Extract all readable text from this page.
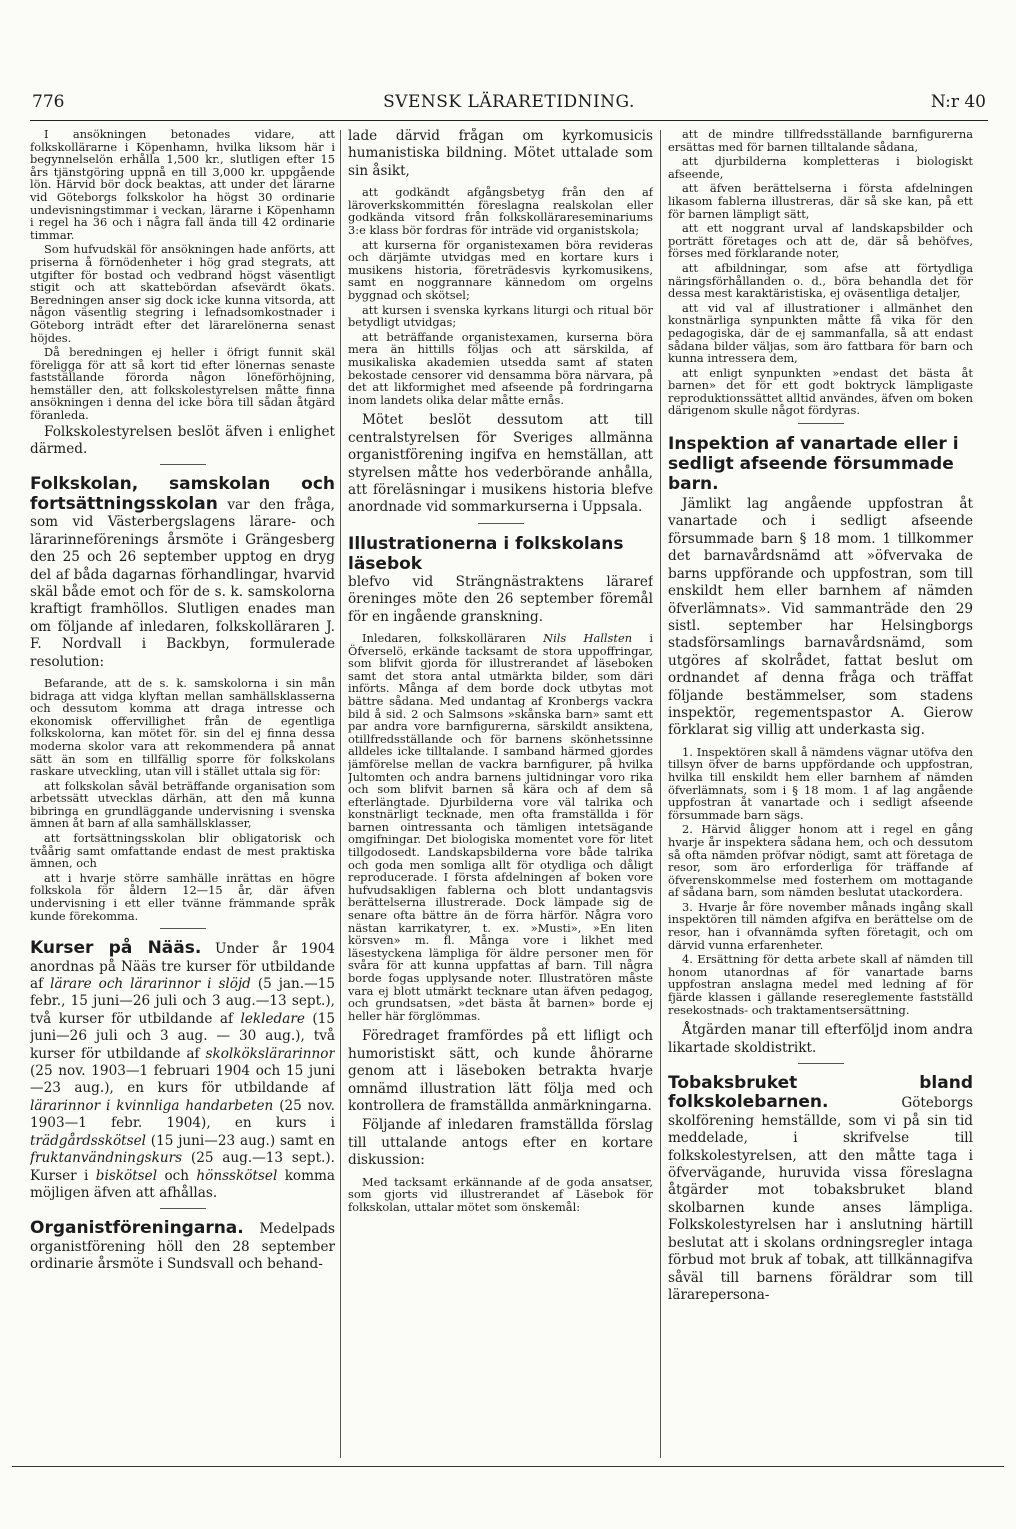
776	SVENSK LÄRARETIDNING.	N:r 40

I ansökningen betonades vidare, att folkskollärarne i Köpenhamn, hvilka liksom här i begynnelselön erhålla 1,500 kr., slutligen efter 15 års tjänstgöring uppnå en till 3,000 kr. uppgående lön. Härvid bör dock beaktas, att under det lärarne vid Göteborgs folkskolor ha högst 30 ordinarie undevisningstimmar i veckan, lärarne i Köpenhamn i regel ha 36 och i några fall ända till 42 ordinarie timmar.

Som hufvudskäl för ansökningen hade anförts, att priserna å förnödenheter i hög grad stegrats, att utgifter för bostad och vedbrand högst väsentligt stigit och att skattebördan afsevärdt ökats. Beredningen anser sig dock icke kunna vitsorda, att någon väsentlig stegring i lefnadsomkostnader i Göteborg inträdt efter det lärarelönerna senast höjdes.

Då beredningen ej heller i öfrigt funnit skäl föreligga för att så kort tid efter lönernas senaste fastställande förorda någon löneförhöjning, hemställer den, att folkskolestyrelsen måtte finna ansökningen i denna del icke böra till sådan åtgärd föranleda.

Folkskolestyrelsen beslöt äfven i enlighet därmed.

Folkskolan, samskolan och fortsättningsskolan var den fråga, som vid Västerbergslagens lärare- och lärarinneförenings årsmöte i Grängesberg den 25 och 26 september upptog en dryg del af båda dagarnas förhandlingar, hvarvid skäl både emot och för de s. k. samskolorna kraftigt framhöllos. Slutligen enades man om följande af inledaren, folkskolläraren J. F. Nordvall i Backbyn, formulerade resolution:

Befarande, att de s. k. samskolorna i sin mån bidraga att vidga klyftan mellan samhällsklasserna och dessutom komma att draga intresse och ekonomisk offervillighet från de egentliga folkskolorna, kan mötet för. sin del ej finna dessa moderna skolor vara att rekommendera på annat sätt än som en tillfällig sporre för folkskolans raskare utveckling, utan vill i stället uttala sig för:

att folkskolan såväl beträffande organisation som arbetssätt utvecklas därhän, att den må kunna bibringa en grundläggande undervisning i svenska ämnen åt barn af alla samhällsklasser,

att fortsättningsskolan blir obligatorisk och tvåårig samt omfattande endast de mest praktiska ämnen, och

att i hvarje större samhälle inrättas en högre folkskola för åldern 12—15 år, där äfven undervisning i ett eller tvänne främmande språk kunde förekomma.

Kurser på Nääs. Under år 1904 anordnas på Nääs tre kurser för utbildande af lärare och lärarinnor i slöjd (5 jan.—15 febr., 15 juni—26 juli och 3 aug.—13 sept.), två kurser för utbildande af lekledare (15 juni—26 juli och 3 aug. — 30 aug.), två kurser för utbildande af skolkökslärarinnor (25 nov. 1903—1 februari 1904 och 15 juni—23 aug.), en kurs för utbildande af lärarinnor i kvinnliga handarbeten (25 nov. 1903—1 febr. 1904), en kurs i trädgårdsskötsel (15 juni—23 aug.) samt en fruktanvändningskurs (25 aug.—13 sept.). Kurser i biskötsel och hönsskötsel komma möjligen äfven att afhållas.

Organistföreningarna. Medelpads organistförening höll den 28 september ordinarie årsmöte i Sundsvall och behand-

lade därvid frågan om kyrkomusicis humanistiska bildning. Mötet uttalade som sin åsikt,

att godkändt afgångsbetyg från den af läroverkskommittén föreslagna realskolan eller godkända vitsord från folkskollärareseminariums 3:e klass bör fordras för inträde vid organistskola;

att kurserna för organistexamen böra revideras och därjämte utvidgas med en kortare kurs i musikens historia, företrädesvis kyrkomusikens, samt en noggrannare kännedom om orgelns byggnad och skötsel;

att kursen i svenska kyrkans liturgi och ritual bör betydligt utvidgas;

att beträffande organistexamen, kurserna böra mera än hittills följas och att särskilda, af musikaliska akademien utsedda samt af staten bekostade censorer vid densamma böra närvara, på det att likformighet med afseende på fordringarna inom landets olika delar måtte ernås.

Mötet beslöt dessutom att till centralstyrelsen för Sveriges allmänna organistförening ingifva en hemställan, att styrelsen måtte hos vederbörande anhålla, att föreläsningar i musikens historia blefve anordnade vid sommarkurserna i Uppsala.

Illustrationerna i folkskolans läsebok
blefvo vid Strängnästraktens läraref öreninges möte den 26 september föremål för en ingående granskning.

Inledaren, folkskolläraren Nils Hallsten i Öfverselö, erkände tacksamt de stora uppoffringar, som blifvit gjorda för illustrerandet af läseboken samt det stora antal utmärkta bilder, som däri införts. Många af dem borde dock utbytas mot bättre sådana. Med undantag af Kronbergs vackra bild å sid. 2 och Salmsons »skånska barn» samt ett par andra vore barnfigurerna, särskildt ansiktena, otillfredsställande och för barnens skönhetssinne alldeles icke tilltalande. I samband härmed gjordes jämförelse mellan de vackra barnfigurer, på hvilka Jultomten och andra barnens jultidningar voro rika och som blifvit barnen så kära och af dem så efterlängtade. Djurbilderna vore väl talrika och konstnärligt tecknade, men ofta framställda i för barnen ointressanta och tämligen intetsägande omgifningar. Det biologiska momentet vore för litet tillgodosedt. Landskapsbilderna vore både talrika och goda men somliga allt för otydliga och dåligt reproducerade. I första afdelningen af boken vore hufvudsakligen fablerna och blott undantagsvis berättelserna illustrerade. Dock lämpade sig de senare ofta bättre än de förra härför. Några voro nästan karrikatyrer, t. ex. »Musti», »En liten körsven» m. fl. Många vore i likhet med läsestyckena lämpliga för äldre personer men för svåra för att kunna uppfattas af barn. Till några borde fogas upplysande noter. Illustratören måste vara ej blott utmärkt tecknare utan äfven pedagog, och grundsatsen, »det bästa åt barnen» borde ej heller här förglömmas.

Föredraget framfördes på ett lifligt och humoristiskt sätt, och kunde åhörarne genom att i läseboken betrakta hvarje omnämd illustration lätt följa med och kontrollera de framställda anmärkningarna.

Följande af inledaren framställda förslag till uttalande antogs efter en kortare diskussion:

Med tacksamt erkännande af de goda ansatser, som gjorts vid illustrerandet af Läsebok för folkskolan, uttalar mötet som önskemål:

att de mindre tillfredsställande barnfigurerna ersättas med för barnen tilltalande sådana,

att djurbilderna kompletteras i biologiskt afseende,

att äfven berättelserna i första afdelningen likasom fablerna illustreras, där så ske kan, på ett för barnen lämpligt sätt,

att ett noggrant urval af landskapsbilder och porträtt företages och att de, där så behöfves, förses med förklarande noter,

att afbildningar, som afse att förtydliga näringsförhållanden o. d., böra behandla det för dessa mest karaktäristiska, ej oväsentliga detaljer,

att vid val af illustrationer i allmänhet den konstnärliga synpunkten måtte få vika för den pedagogiska, där de ej sammanfalla, så att endast sådana bilder väljas, som äro fattbara för barn och kunna intressera dem,

att enligt synpunkten »endast det bästa åt barnen» det för ett godt boktryck lämpligaste reproduktionssättet alltid användes, äfven om boken därigenom skulle något fördyras.

Inspektion af vanartade eller i sedligt afseende försummade barn.

Jämlikt lag angående uppfostran åt vanartade och i sedligt afseende försummade barn § 18 mom. 1 tillkommer det barnavårdsnämd att »öfvervaka de barns uppförande och uppfostran, som till enskildt hem eller barnhem af nämden öfverlämnats». Vid sammanträde den 29 sistl. september har Helsingborgs stadsförsamlings barnavårdsnämd, som utgöres af skolrådet, fattat beslut om ordnandet af denna fråga och träffat följande bestämmelser, som stadens inspektör, regementspastor A. Gierow förklarat sig villig att underkasta sig.

1. Inspektören skall å nämdens vägnar utöfva den tillsyn öfver de barns uppfördande och uppfostran, hvilka till enskildt hem eller barnhem af nämden öfverlämnats, som i § 18 mom. 1 af lag angående uppfostran åt vanartade och i sedligt afseende försummade barn sägs.

2. Härvid åligger honom att i regel en gång hvarje år inspektera sådana hem, och och dessutom så ofta nämden pröfvar nödigt, samt att företaga de resor, som äro erforderliga för träffande af öfverenskommelse med fosterhem om mottagande af sådana barn, som nämden beslutat utackordera.

3. Hvarje år före november månads ingång skall inspektören till nämden afgifva en berättelse om de resor, han i ofvannämda syften företagit, och om därvid vunna erfarenheter.

4. Ersättning för detta arbete skall af nämden till honom utanordnas af för vanartade barns uppfostran anslagna medel med ledning af för fjärde klassen i gällande resereglemente fastställd resekostnads- och traktamentsersättning.

Åtgärden manar till efterföljd inom andra likartade skoldistrikt.

Tobaksbruket bland folkskolebarnen.	Göteborgs skolförening hemställde, som vi på sin tid meddelade, i skrifvelse till folkskolestyrelsen, att den måtte taga i öfvervägande, huruvida vissa föreslagna åtgärder mot tobaksbruket bland skolbarnen kunde anses lämpliga. Folkskolestyrelsen har i anslutning härtill beslutat att i skolans ordningsregler intaga förbud mot bruk af tobak, att tillkännagifva såväl till barnens föräldrar som till lärarepersona-
